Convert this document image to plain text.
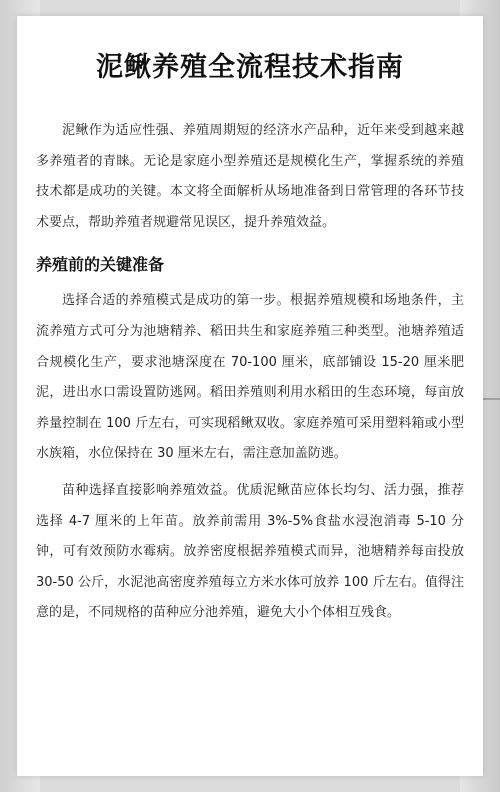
泥鳅养殖全流程技术指南

泥鳅作为适应性强、养殖周期短的经济水产品种，近年来受到越来越多养殖者的青睐。无论是家庭小型养殖还是规模化生产，掌握系统的养殖技术都是成功的关键。本文将全面解析从场地准备到日常管理的各环节技术要点，帮助养殖者规避常见误区，提升养殖效益。

养殖前的关键准备

选择合适的养殖模式是成功的第一步。根据养殖规模和场地条件，主流养殖方式可分为池塘精养、稻田共生和家庭养殖三种类型。池塘养殖适合规模化生产，要求池塘深度在 70-100 厘米，底部铺设 15-20 厘米肥泥，进出水口需设置防逃网。稻田养殖则利用水稻田的生态环境，每亩放养量控制在 100 斤左右，可实现稻鳅双收。家庭养殖可采用塑料箱或小型水族箱，水位保持在 30 厘米左右，需注意加盖防逃。

苗种选择直接影响养殖效益。优质泥鳅苗应体长均匀、活力强，推荐选择 4-7 厘米的上年苗。放养前需用 3%-5%食盐水浸泡消毒 5-10 分钟，可有效预防水霉病。放养密度根据养殖模式而异，池塘精养每亩投放 30-50 公斤，水泥池高密度养殖每立方米水体可放养 100 斤左右。值得注意的是，不同规格的苗种应分池养殖，避免大小个体相互残食。
